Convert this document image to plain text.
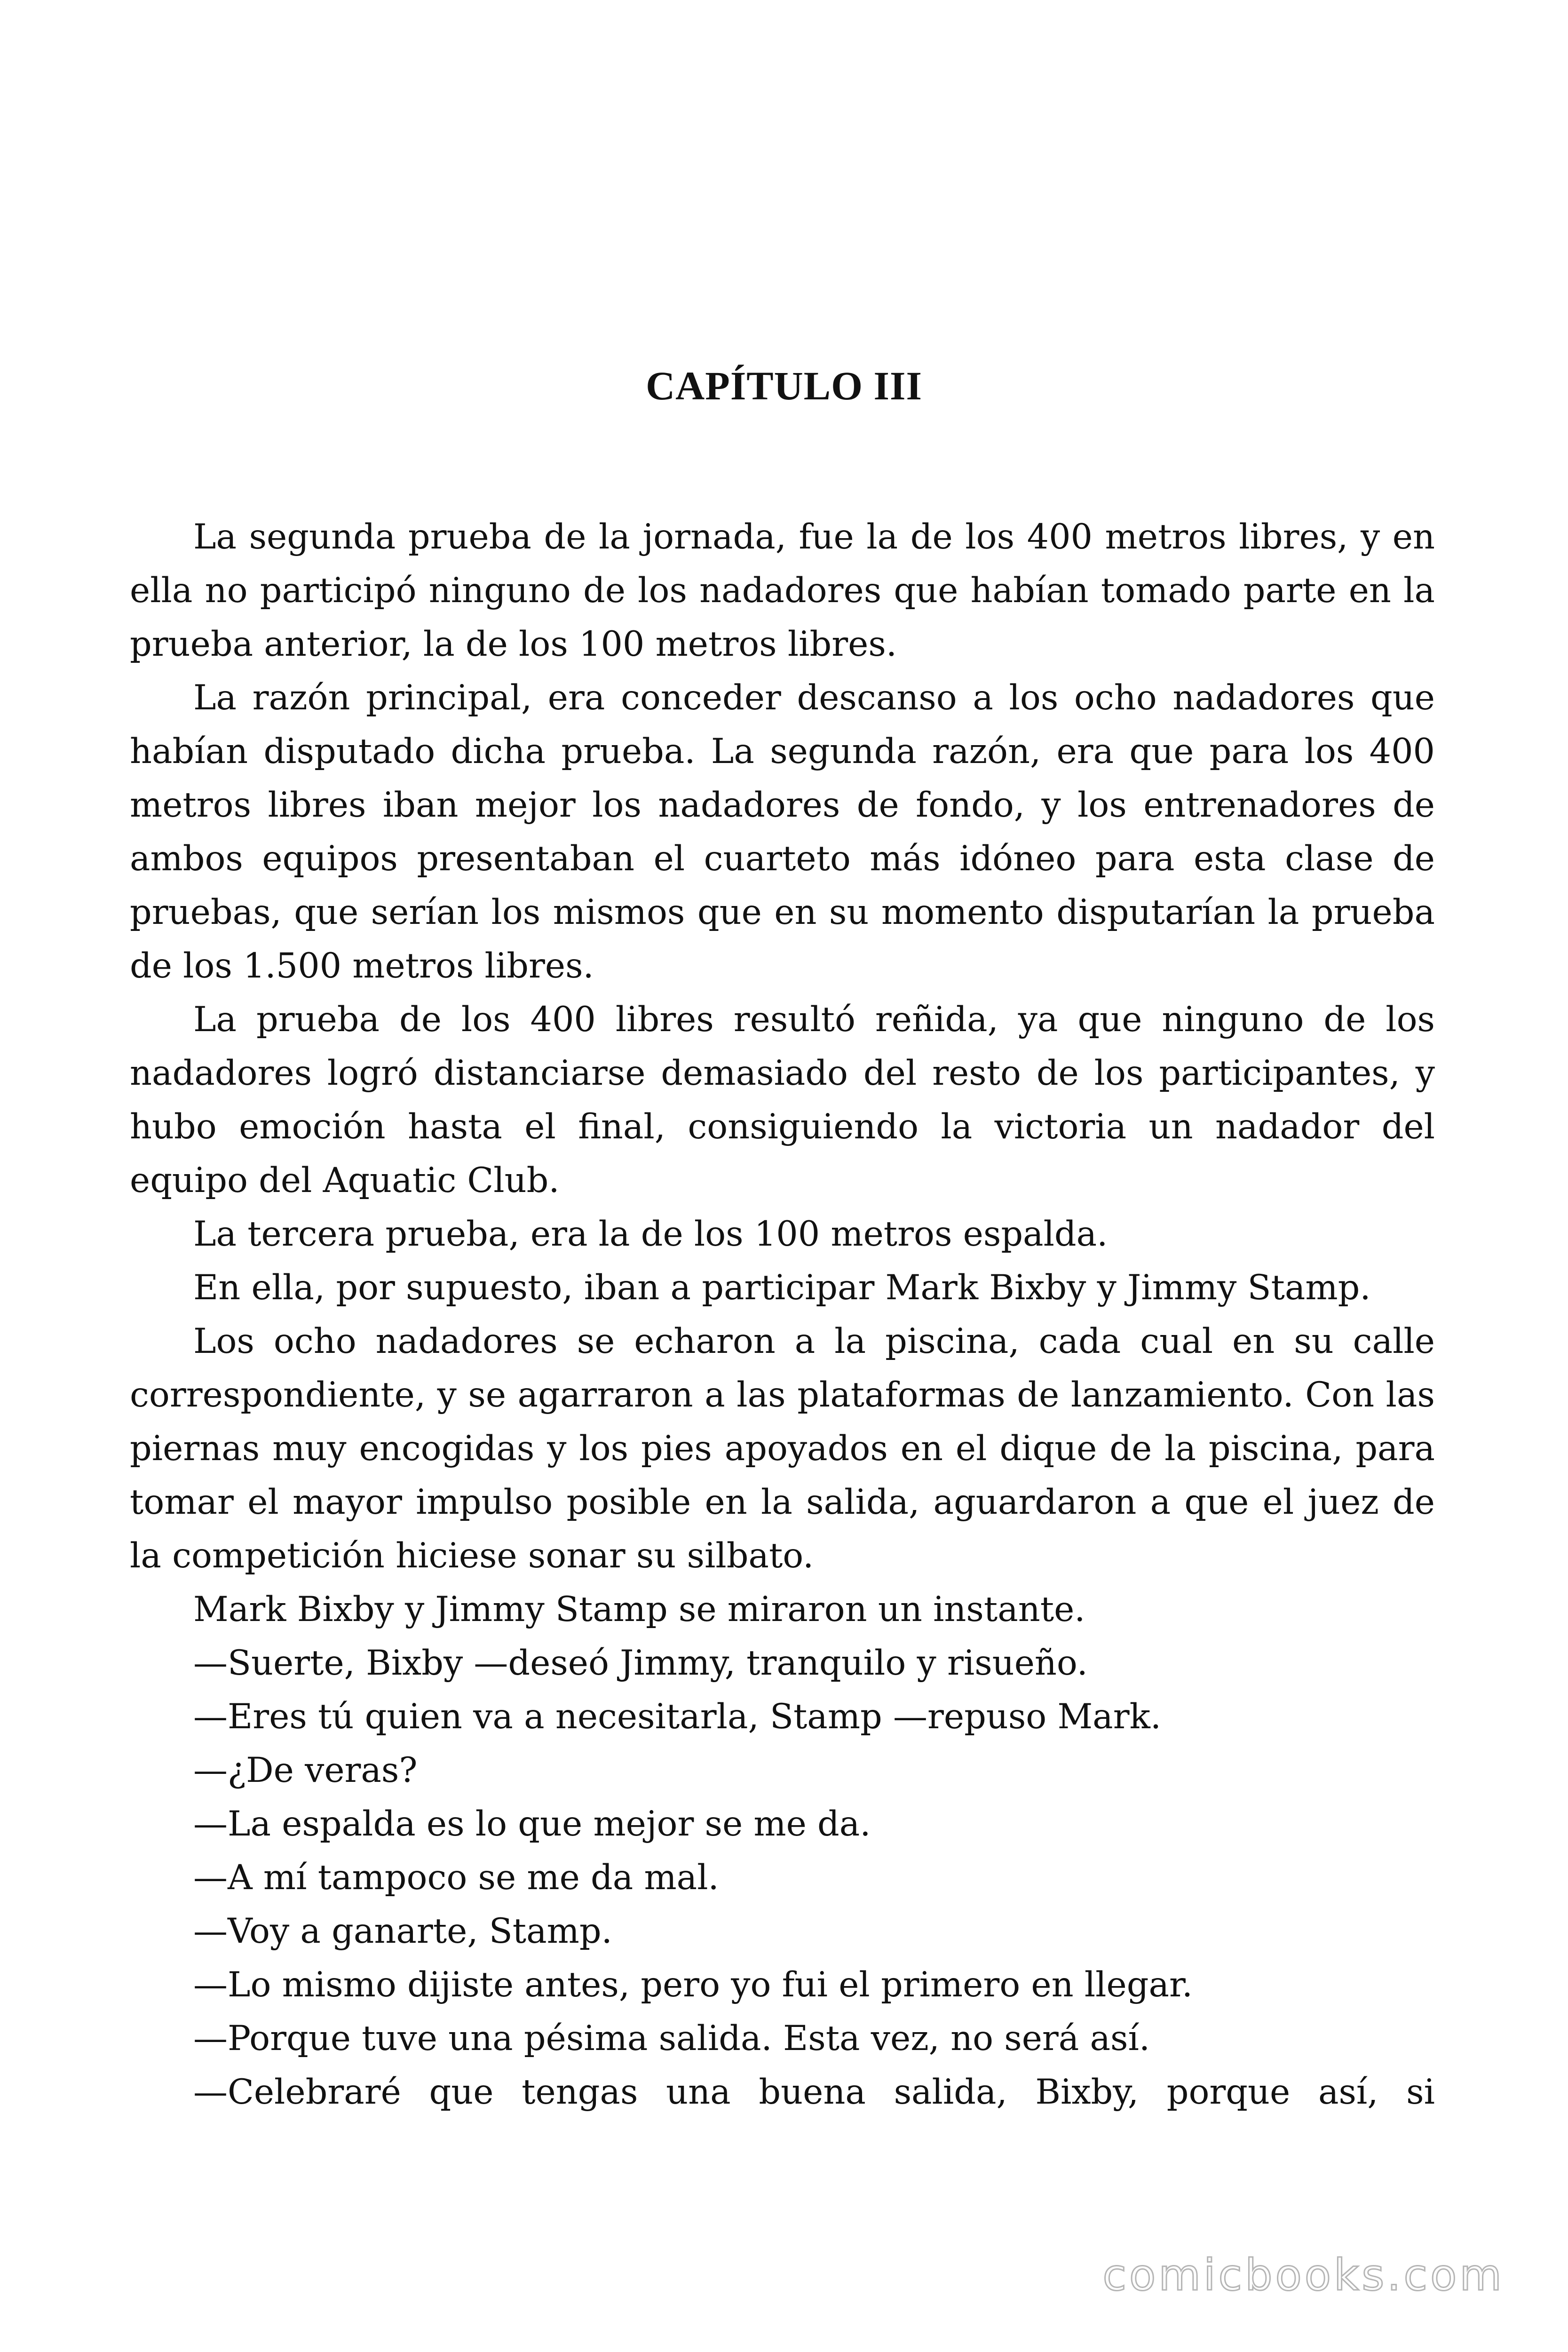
CAPÍTULO III

La segunda prueba de la jornada, fue la de los 400 metros libres, y en ella no participó ninguno de los nadadores que habían tomado parte en la prueba anterior, la de los 100 metros libres.

La razón principal, era conceder descanso a los ocho nadadores que habían disputado dicha prueba. La segunda razón, era que para los 400 metros libres iban mejor los nadadores de fondo, y los entrenadores de ambos equipos presentaban el cuarteto más idóneo para esta clase de pruebas, que serían los mismos que en su momento disputarían la prueba de los 1.500 metros libres.

La prueba de los 400 libres resultó reñida, ya que ninguno de los nadadores logró distanciarse demasiado del resto de los participantes, y hubo emoción hasta el final, consiguiendo la victoria un nadador del equipo del Aquatic Club.

La tercera prueba, era la de los 100 metros espalda.

En ella, por supuesto, iban a participar Mark Bixby y Jimmy Stamp.

Los ocho nadadores se echaron a la piscina, cada cual en su calle correspondiente, y se agarraron a las plataformas de lanzamiento. Con las piernas muy encogidas y los pies apoyados en el dique de la piscina, para tomar el mayor impulso posible en la salida, aguardaron a que el juez de la competición hiciese sonar su silbato.

Mark Bixby y Jimmy Stamp se miraron un instante.

—Suerte, Bixby —deseó Jimmy, tranquilo y risueño.

—Eres tú quien va a necesitarla, Stamp —repuso Mark.

—¿De veras?

—La espalda es lo que mejor se me da.

—A mí tampoco se me da mal.

—Voy a ganarte, Stamp.

—Lo mismo dijiste antes, pero yo fui el primero en llegar.

—Porque tuve una pésima salida. Esta vez, no será así.

—Celebraré que tengas una buena salida, Bixby, porque así, si

comicbooks.com
